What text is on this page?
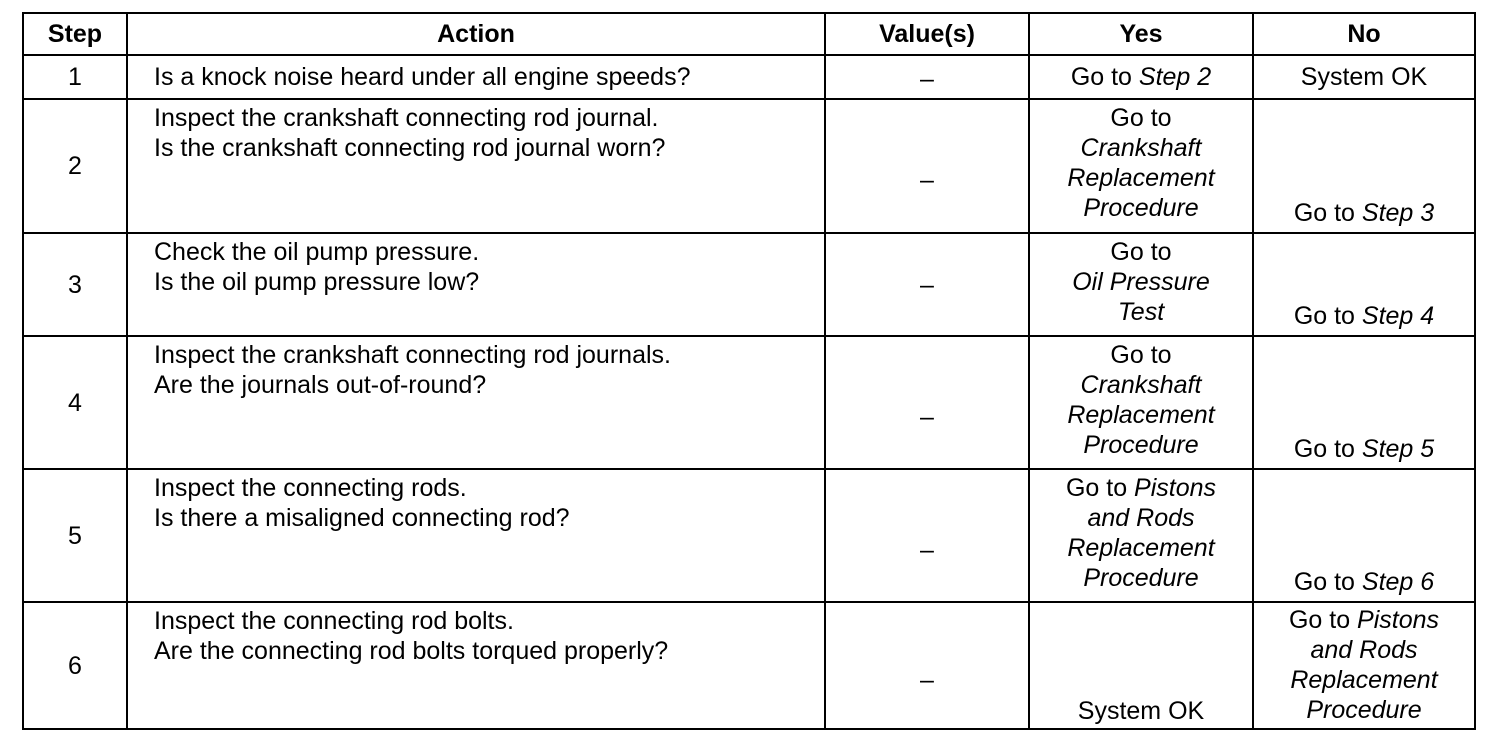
Step	Action	Value(s)	Yes	No
1	Is a knock noise heard under all engine speeds?	–	Go to Step 2	System OK
2	Inspect the crankshaft connecting rod journal.
Is the crankshaft connecting rod journal worn?	–	Go to
Crankshaft
Replacement
Procedure	Go to Step 3
3	Check the oil pump pressure.
Is the oil pump pressure low?	–	Go to
Oil Pressure
Test	Go to Step 4
4	Inspect the crankshaft connecting rod journals.
Are the journals out-of-round?	–	Go to
Crankshaft
Replacement
Procedure	Go to Step 5
5	Inspect the connecting rods.
Is there a misaligned connecting rod?	–	Go to Pistons
and Rods
Replacement
Procedure	Go to Step 6
6	Inspect the connecting rod bolts.
Are the connecting rod bolts torqued properly?	–	System OK	Go to Pistons
and Rods
Replacement
Procedure
